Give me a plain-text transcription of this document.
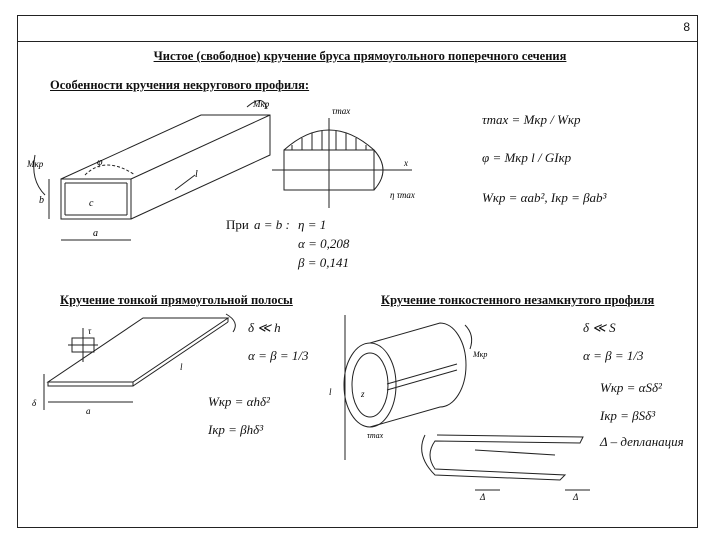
8
Чистое (свободное) кручение бруса прямоугольного поперечного сечения
Особенности кручения некругового профиля:
Кручение тонкой прямоугольной полосы	Кручение тонкостенного незамкнутого профиля
c
a
b
Mкр
Mкр
φ
l
τmax
x
η τmax
τmax = Mкр / Wкр
φ = Mкр l / GIкр
Wкр = αab², Iкр = βab³
При a = b : η = 1
α = 0,208
β = 0,141
τ
δ
a
l
δ ≪ h
α = β = 1/3
Wкр = αhδ²
Iкр = βhδ³
l	z
τmax
Mкр
Δ	Δ
δ ≪ S
α = β = 1/3
Wкр = αSδ²
Iкр = βSδ³
Δ – депланация
